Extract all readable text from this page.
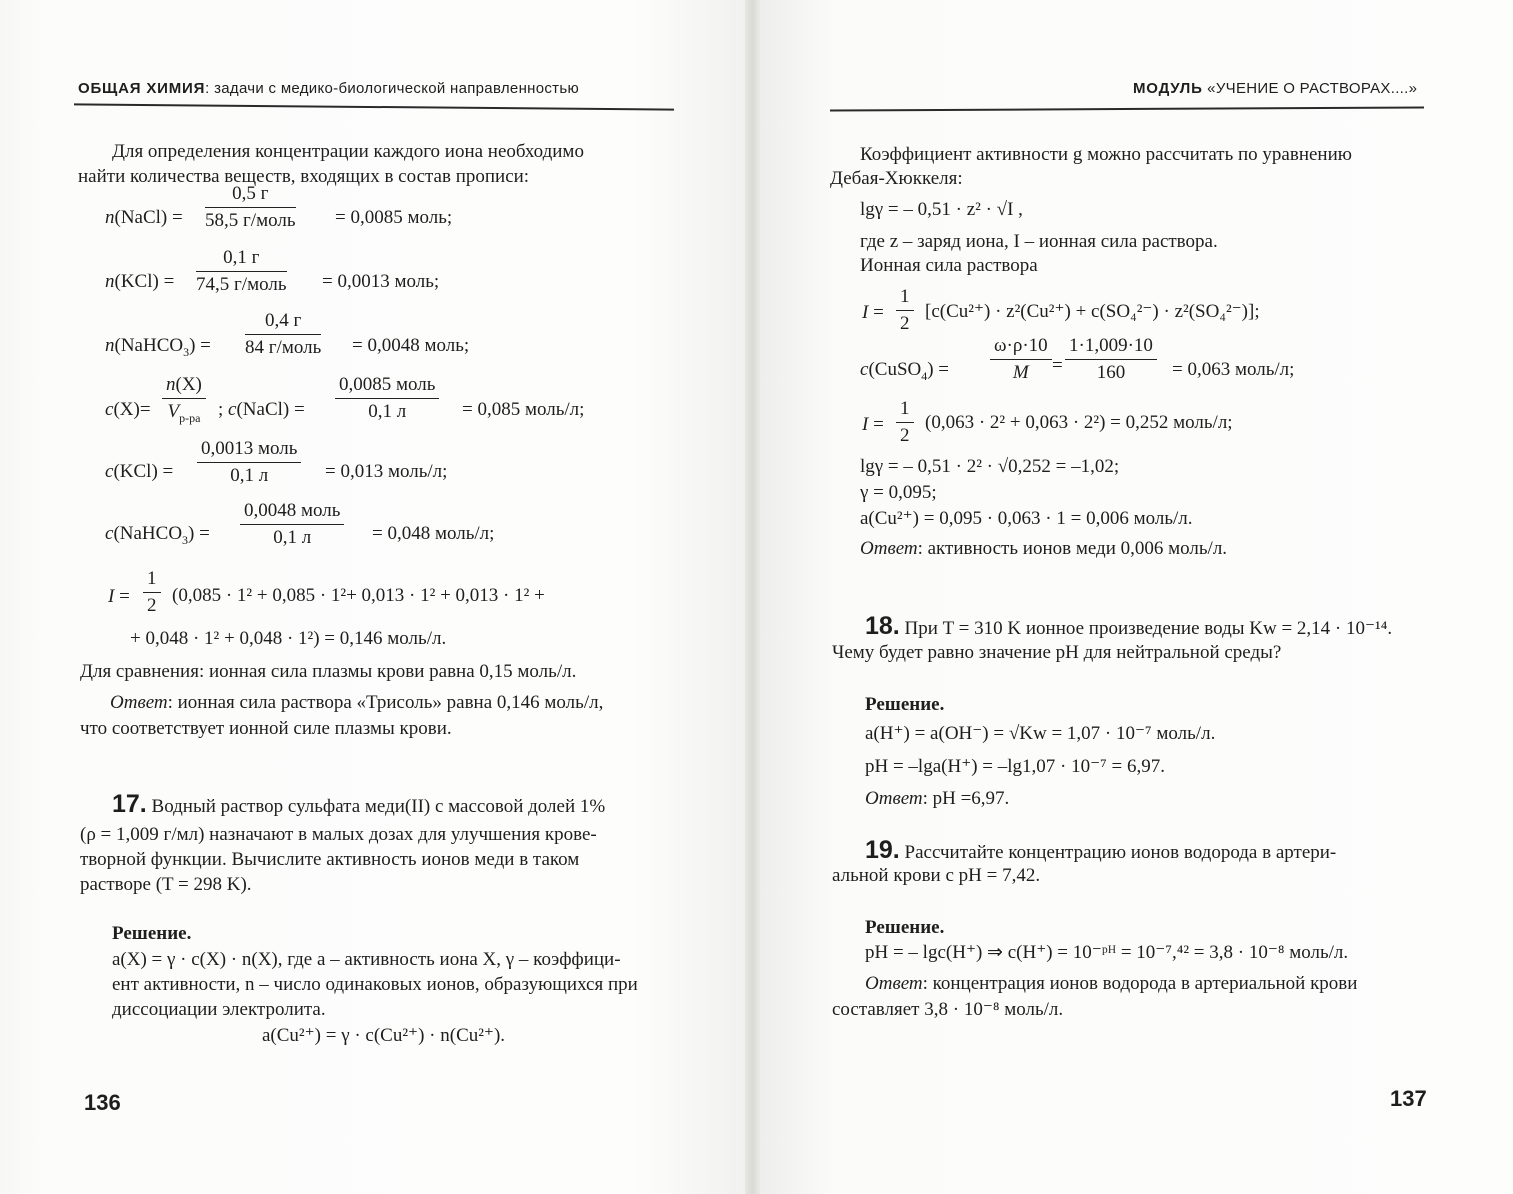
ОБЩАЯ ХИМИЯ: задачи с медико-биологической направленностью
Для определения концентрации каждого иона необходимо
найти количества веществ, входящих в состав прописи:
n(NaCl) =
0,5 г
58,5 г/моль = 0,0085 моль;
n(KCl) =
0,1 г
74,5 г/моль = 0,0013 моль;
n(NaHCO$_3$) =
0,4 г
84 г/моль = 0,0048 моль;
c(X)=
n(X)
$V_{р-ра}$ ; c(NaCl) =
0,0085 моль
0,1 л	= 0,085 моль/л;
c(KCl) =
0,0013 моль
0,1 л	= 0,013 моль/л;
c(NaHCO$_3$) =
0,0048 моль
0,1 л	= 0,048 моль/л;
$I = \frac{1}{2} (0,085 \cdot 1^2 + 0,085 \cdot 1^2+ 0,013 \cdot 1^2 + 0,013 \cdot 1^2$ +
+ 0,048 · 1² + 0,048 · 1²) = 0,146 моль/л.
Для сравнения: ионная сила плазмы крови равна 0,15 моль/л.
Ответ: ионная сила раствора «Трисоль» равна 0,146 моль/л,
что соответствует ионной силе плазмы крови.
17. Водный раствор сульфата меди(II) с массовой долей 1%
(ρ = 1,009 г/мл) назначают в малых дозах для улучшения крове-
творной функции. Вычислите активность ионов меди в таком
растворе (T = 298 K).
Решение.
a(X) = γ · c(X) · n(X), где a – активность иона X, γ – коэффици-
ент активности, n – число одинаковых ионов, образующихся при
диссоциации электролита.
a(Cu²⁺) = γ · c(Cu²⁺) · n(Cu²⁺).
136
МОДУЛЬ «УЧЕНИЕ О РАСТВОРАХ....»
Коэффициент активности g можно рассчитать по уравнению
Дебая-Хюккеля:
lgγ = – 0,51 · z² · √I ,
где z – заряд иона, I – ионная сила раствора.
Ионная сила раствора
$I = \frac{1}{2} [c(Cu^{2+}) \cdot z^2(Cu^{2+}) + c(SO_4^{2-}) \cdot z^2(SO_4^{2-})]$;
c(CuSO$_4$) = $\frac{\omega\cdot\rho\cdot 10}{M} = \frac{1\cdot 1,009\cdot 10}{160} = 0,063$ моль/л;
$I = \frac{1}{2} (0,063 \cdot 2^2 + 0,063 \cdot 2^2) = 0,252$ моль/л;
lgγ = – 0,51 · 2² · √0,252 = –1,02;
γ = 0,095;
a(Cu²⁺) = 0,095 · 0,063 · 1 = 0,006 моль/л.
Ответ: активность ионов меди 0,006 моль/л.
18. При T = 310 K ионное произведение воды Kw = 2,14 · 10⁻¹⁴.
Чему будет равно значение pH для нейтральной среды?
Решение.
a(H⁺) = a(OH⁻) = √Kw = 1,07 · 10⁻⁷ моль/л.
pH = –lga(H⁺) = –lg1,07 · 10⁻⁷ = 6,97.
Ответ: pH =6,97.
19. Рассчитайте концентрацию ионов водорода в артери-
альной крови с pH = 7,42.
Решение.
pH = – lgc(H⁺) ⇒ c(H⁺) = 10⁻ᵖᴴ = 10⁻⁷,⁴² = 3,8 · 10⁻⁸ моль/л.
Ответ: концентрация ионов водорода в артериальной крови
составляет 3,8 · 10⁻⁸ моль/л.
137
